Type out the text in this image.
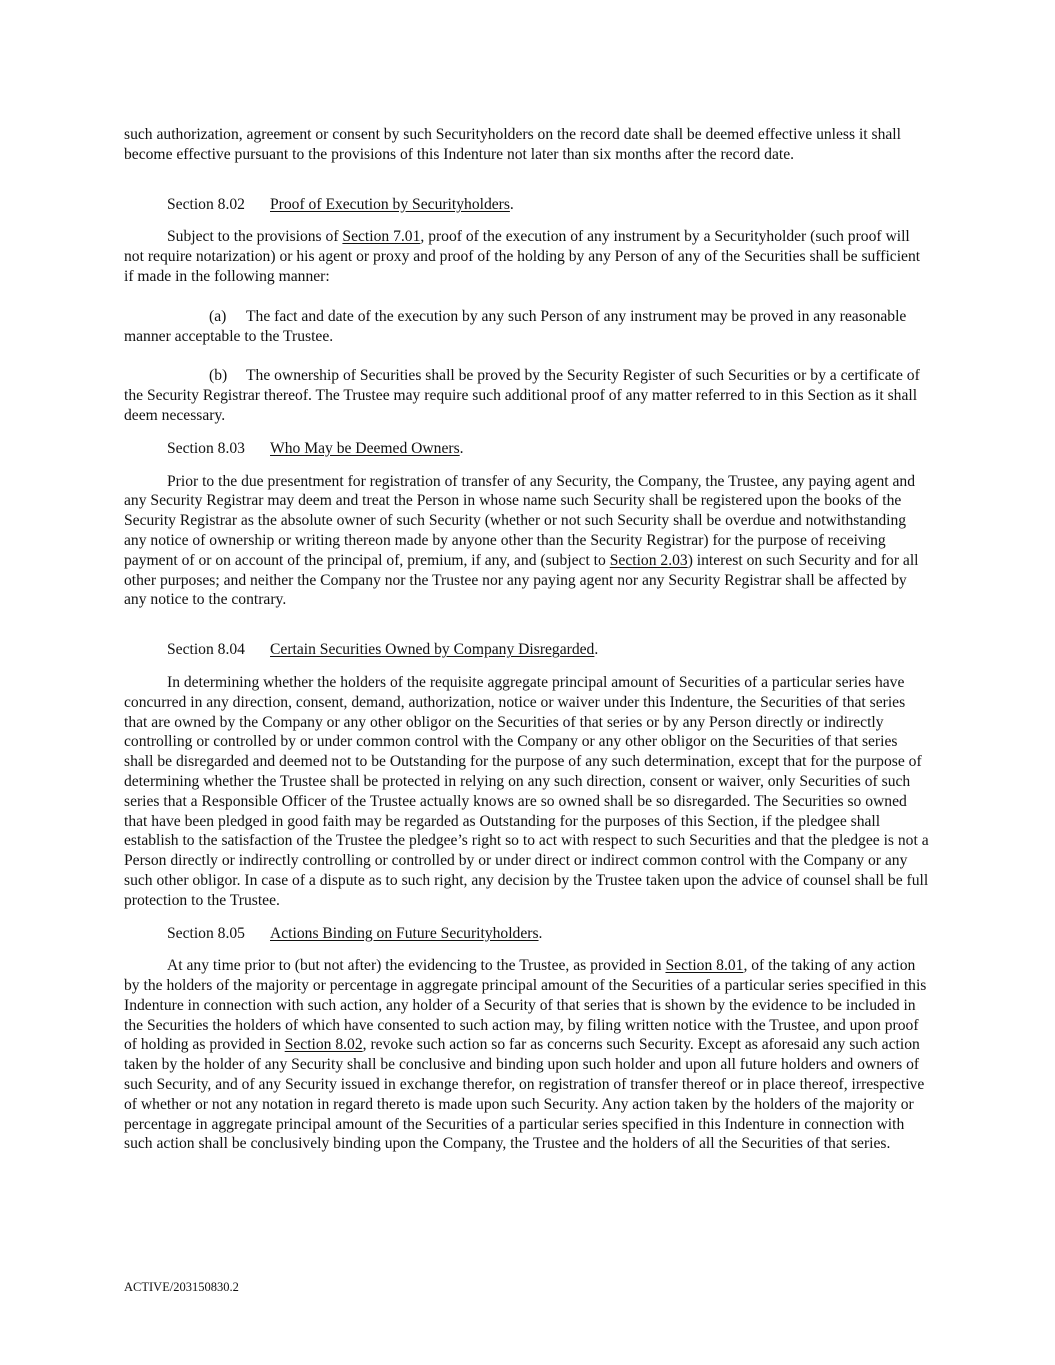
such authorization, agreement or consent by such Securityholders on the record date shall be deemed effective unless it shall become effective pursuant to the provisions of this Indenture not later than six months after the record date.

Section 8.02 Proof of Execution by Securityholders.

Subject to the provisions of Section 7.01, proof of the execution of any instrument by a Securityholder (such proof will not require notarization) or his agent or proxy and proof of the holding by any Person of any of the Securities shall be sufficient if made in the following manner:

(a) The fact and date of the execution by any such Person of any instrument may be proved in any reasonable manner acceptable to the Trustee.

(b) The ownership of Securities shall be proved by the Security Register of such Securities or by a certificate of the Security Registrar thereof. The Trustee may require such additional proof of any matter referred to in this Section as it shall deem necessary.

Section 8.03 Who May be Deemed Owners.

Prior to the due presentment for registration of transfer of any Security, the Company, the Trustee, any paying agent and any Security Registrar may deem and treat the Person in whose name such Security shall be registered upon the books of the Security Registrar as the absolute owner of such Security (whether or not such Security shall be overdue and notwithstanding any notice of ownership or writing thereon made by anyone other than the Security Registrar) for the purpose of receiving payment of or on account of the principal of, premium, if any, and (subject to Section 2.03) interest on such Security and for all other purposes; and neither the Company nor the Trustee nor any paying agent nor any Security Registrar shall be affected by any notice to the contrary.

Section 8.04 Certain Securities Owned by Company Disregarded.

In determining whether the holders of the requisite aggregate principal amount of Securities of a particular series have concurred in any direction, consent, demand, authorization, notice or waiver under this Indenture, the Securities of that series that are owned by the Company or any other obligor on the Securities of that series or by any Person directly or indirectly controlling or controlled by or under common control with the Company or any other obligor on the Securities of that series shall be disregarded and deemed not to be Outstanding for the purpose of any such determination, except that for the purpose of determining whether the Trustee shall be protected in relying on any such direction, consent or waiver, only Securities of such series that a Responsible Officer of the Trustee actually knows are so owned shall be so disregarded. The Securities so owned that have been pledged in good faith may be regarded as Outstanding for the purposes of this Section, if the pledgee shall establish to the satisfaction of the Trustee the pledgee’s right so to act with respect to such Securities and that the pledgee is not a Person directly or indirectly controlling or controlled by or under direct or indirect common control with the Company or any such other obligor. In case of a dispute as to such right, any decision by the Trustee taken upon the advice of counsel shall be full protection to the Trustee.

Section 8.05 Actions Binding on Future Securityholders.

At any time prior to (but not after) the evidencing to the Trustee, as provided in Section 8.01, of the taking of any action by the holders of the majority or percentage in aggregate principal amount of the Securities of a particular series specified in this Indenture in connection with such action, any holder of a Security of that series that is shown by the evidence to be included in the Securities the holders of which have consented to such action may, by filing written notice with the Trustee, and upon proof of holding as provided in Section 8.02, revoke such action so far as concerns such Security. Except as aforesaid any such action taken by the holder of any Security shall be conclusive and binding upon such holder and upon all future holders and owners of such Security, and of any Security issued in exchange therefor, on registration of transfer thereof or in place thereof, irrespective of whether or not any notation in regard thereto is made upon such Security. Any action taken by the holders of the majority or percentage in aggregate principal amount of the Securities of a particular series specified in this Indenture in connection with such action shall be conclusively binding upon the Company, the Trustee and the holders of all the Securities of that series.

ACTIVE/203150830.2
